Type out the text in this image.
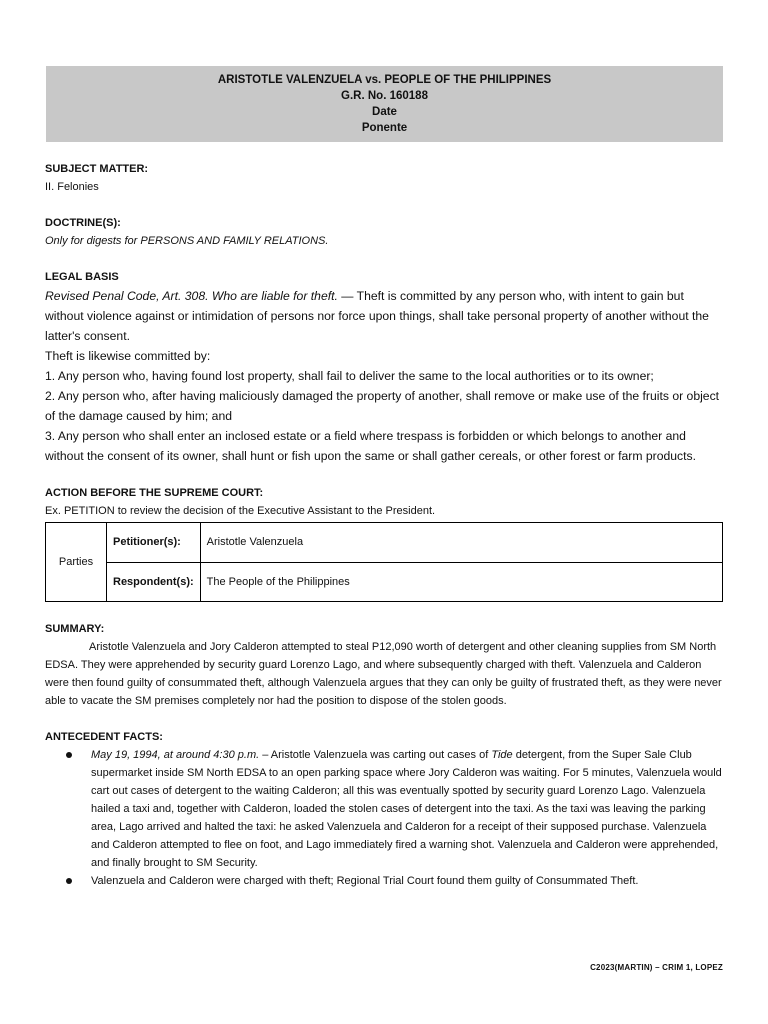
ARISTOTLE VALENZUELA vs. PEOPLE OF THE PHILIPPINES
G.R. No. 160188
Date
Ponente
SUBJECT MATTER:
II. Felonies
DOCTRINE(S):
Only for digests for PERSONS AND FAMILY RELATIONS.
LEGAL BASIS

Revised Penal Code, Art. 308. Who are liable for theft. — Theft is committed by any person who, with intent to gain but without violence against or intimidation of persons nor force upon things, shall take personal property of another without the latter's consent.

Theft is likewise committed by:

1. Any person who, having found lost property, shall fail to deliver the same to the local authorities or to its owner;

2. Any person who, after having maliciously damaged the property of another, shall remove or make use of the fruits or object of the damage caused by him; and

3. Any person who shall enter an inclosed estate or a field where trespass is forbidden or which belongs to another and without the consent of its owner, shall hunt or fish upon the same or shall gather cereals, or other forest or farm products.

ACTION BEFORE THE SUPREME COURT:
Ex. PETITION to review the decision of the Executive Assistant to the President.
Parties	Petitioner(s):	Aristotle Valenzuela
	Respondent(s):	The People of the Philippines
SUMMARY:

Aristotle Valenzuela and Jory Calderon attempted to steal P12,090 worth of detergent and other cleaning supplies from SM North EDSA. They were apprehended by security guard Lorenzo Lago, and where subsequently charged with theft. Valenzuela and Calderon were then found guilty of consummated theft, although Valenzuela argues that they can only be guilty of frustrated theft, as they were never able to vacate the SM premises completely nor had the position to dispose of the stolen goods.

ANTECEDENT FACTS:
May 19, 1994, at around 4:30 p.m. – Aristotle Valenzuela was carting out cases of Tide detergent, from the Super Sale Club supermarket inside SM North EDSA to an open parking space where Jory Calderon was waiting. For 5 minutes, Valenzuela would cart out cases of detergent to the waiting Calderon; all this was eventually spotted by security guard Lorenzo Lago. Valenzuela hailed a taxi and, together with Calderon, loaded the stolen cases of detergent into the taxi. As the taxi was leaving the parking area, Lago arrived and halted the taxi: he asked Valenzuela and Calderon for a receipt of their supposed purchase. Valenzuela and Calderon attempted to flee on foot, and Lago immediately fired a warning shot. Valenzuela and Calderon were apprehended, and finally brought to SM Security.
Valenzuela and Calderon were charged with theft; Regional Trial Court found them guilty of Consummated Theft.
C2023(MARTIN) – CRIM 1, LOPEZ
